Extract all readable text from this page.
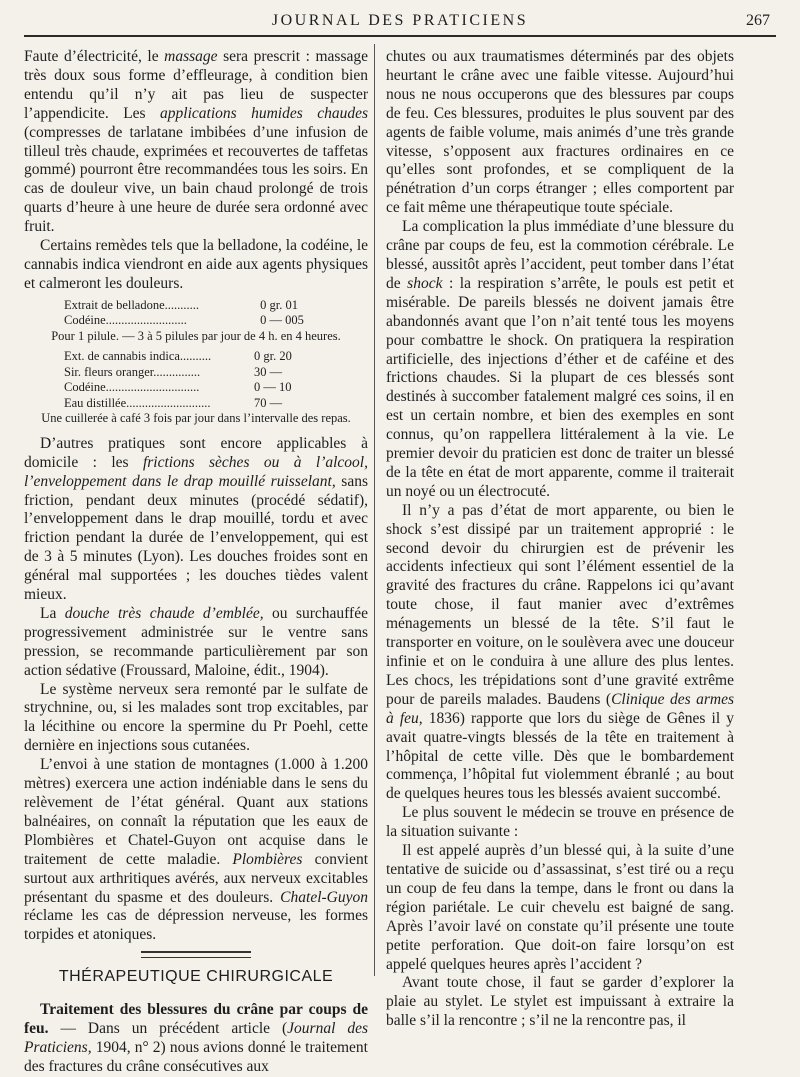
JOURNAL DES PRATICIENS	267

Faute d’électricité, le massage sera prescrit : massage très doux sous forme d’effleurage, à condition bien entendu qu’il n’y ait pas lieu de suspecter l’appendicite. Les applications humides chaudes (compresses de tarlatane imbibées d’une infusion de tilleul très chaude, exprimées et recouvertes de taffetas gommé) pourront être recommandées tous les soirs. En cas de douleur vive, un bain chaud prolongé de trois quarts d’heure à une heure de durée sera ordonné avec fruit.

Certains remèdes tels que la belladone, la codéine, le cannabis indica viendront en aide aux agents physiques et calmeront les douleurs.

Extrait de belladone...........	0 gr. 01
Codéine..........................	0 — 005
Pour 1 pilule. — 3 à 5 pilules par jour de 4 h. en 4 heures.
Ext. de cannabis indica..........	0 gr. 20
Sir. fleurs oranger...............	30 —
Codéine..............................	0 — 10
Eau distillée...........................	70 —
Une cuillerée à café 3 fois par jour dans l’intervalle des repas.

D’autres pratiques sont encore applicables à domicile : les frictions sèches ou à l’alcool, l’enveloppement dans le drap mouillé ruisselant, sans friction, pendant deux minutes (procédé sédatif), l’enveloppement dans le drap mouillé, tordu et avec friction pendant la durée de l’enveloppement, qui est de 3 à 5 minutes (Lyon). Les douches froides sont en général mal supportées ; les douches tièdes valent mieux.

La douche très chaude d’emblée, ou surchauffée progressivement administrée sur le ventre sans pression, se recommande particulièrement par son action sédative (Froussard, Maloine, édit., 1904).

Le système nerveux sera remonté par le sulfate de strychnine, ou, si les malades sont trop excitables, par la lécithine ou encore la spermine du Pr Poehl, cette dernière en injections sous cutanées.

L’envoi à une station de montagnes (1.000 à 1.200 mètres) exercera une action indéniable dans le sens du relèvement de l’état général. Quant aux stations balnéaires, on connaît la réputation que les eaux de Plombières et Chatel-Guyon ont acquise dans le traitement de cette maladie. Plombières convient surtout aux arthritiques avérés, aux nerveux excitables présentant du spasme et des douleurs. Chatel-Guyon réclame les cas de dépression nerveuse, les formes torpides et atoniques.

THÉRAPEUTIQUE CHIRURGICALE

Traitement des blessures du crâne par coups de feu. — Dans un précédent article (Journal des Praticiens, 1904, n° 2) nous avions donné le traitement des fractures du crâne consécutives aux

chutes ou aux traumatismes déterminés par des objets heurtant le crâne avec une faible vitesse. Aujourd’hui nous ne nous occuperons que des blessures par coups de feu. Ces blessures, produites le plus souvent par des agents de faible volume, mais animés d’une très grande vitesse, s’opposent aux fractures ordinaires en ce qu’elles sont profondes, et se compliquent de la pénétration d’un corps étranger ; elles comportent par ce fait même une thérapeutique toute spéciale.

La complication la plus immédiate d’une blessure du crâne par coups de feu, est la commotion cérébrale. Le blessé, aussitôt après l’accident, peut tomber dans l’état de shock : la respiration s’arrête, le pouls est petit et misérable. De pareils blessés ne doivent jamais être abandonnés avant que l’on n’ait tenté tous les moyens pour combattre le shock. On pratiquera la respiration artificielle, des injections d’éther et de caféine et des frictions chaudes. Si la plupart de ces blessés sont destinés à succomber fatalement malgré ces soins, il en est un certain nombre, et bien des exemples en sont connus, qu’on rappellera littéralement à la vie. Le premier devoir du praticien est donc de traiter un blessé de la tête en état de mort apparente, comme il traiterait un noyé ou un électrocuté.

Il n’y a pas d’état de mort apparente, ou bien le shock s’est dissipé par un traitement approprié : le second devoir du chirurgien est de prévenir les accidents infectieux qui sont l’élément essentiel de la gravité des fractures du crâne. Rappelons ici qu’avant toute chose, il faut manier avec d’extrêmes ménagements un blessé de la tête. S’il faut le transporter en voiture, on le soulèvera avec une douceur infinie et on le conduira à une allure des plus lentes. Les chocs, les trépidations sont d’une gravité extrême pour de pareils malades. Baudens (Clinique des armes à feu, 1836) rapporte que lors du siège de Gênes il y avait quatre-vingts blessés de la tête en traitement à l’hôpital de cette ville. Dès que le bombardement commença, l’hôpital fut violemment ébranlé ; au bout de quelques heures tous les blessés avaient succombé.

Le plus souvent le médecin se trouve en présence de la situation suivante :

Il est appelé auprès d’un blessé qui, à la suite d’une tentative de suicide ou d’assassinat, s’est tiré ou a reçu un coup de feu dans la tempe, dans le front ou dans la région pariétale. Le cuir chevelu est baigné de sang. Après l’avoir lavé on constate qu’il présente une toute petite perforation. Que doit-on faire lorsqu’on est appelé quelques heures après l’accident ?

Avant toute chose, il faut se garder d’explorer la plaie au stylet. Le stylet est impuissant à extraire la balle s’il la rencontre ; s’il ne la rencontre pas, il
